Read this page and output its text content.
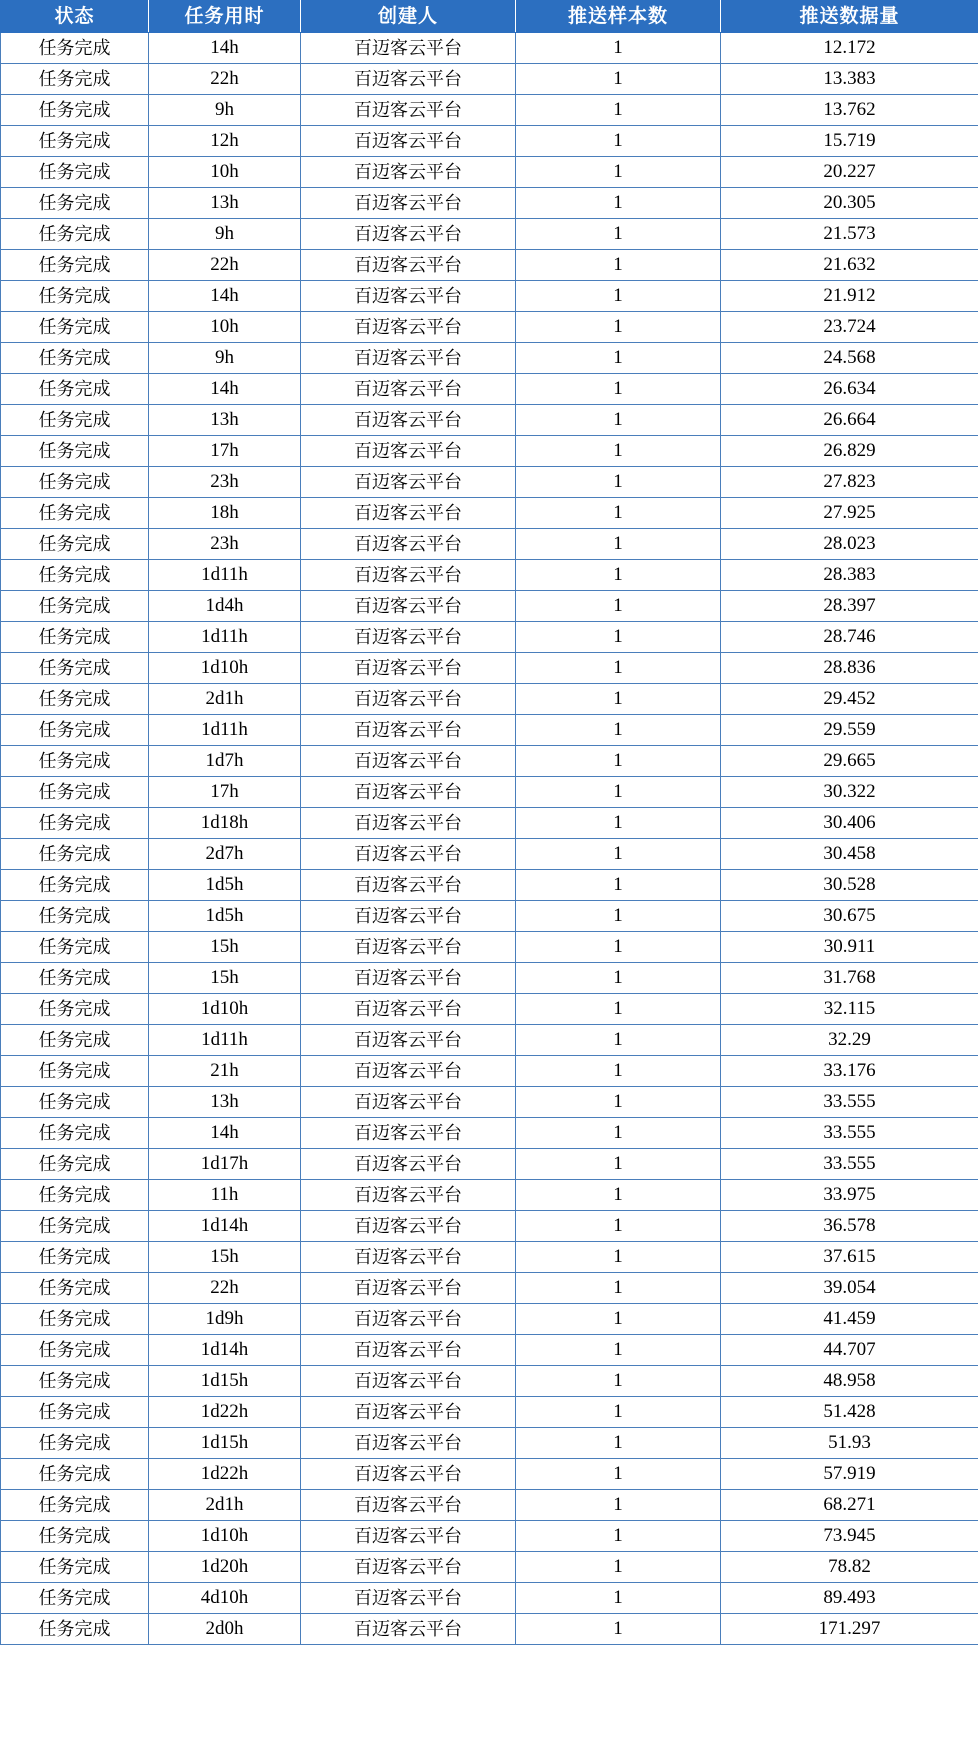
状态	任务用时	创建人	推送样本数	推送数据量
任务完成	14h	百迈客云平台	1	12.172
任务完成	22h	百迈客云平台	1	13.383
任务完成	9h	百迈客云平台	1	13.762
任务完成	12h	百迈客云平台	1	15.719
任务完成	10h	百迈客云平台	1	20.227
任务完成	13h	百迈客云平台	1	20.305
任务完成	9h	百迈客云平台	1	21.573
任务完成	22h	百迈客云平台	1	21.632
任务完成	14h	百迈客云平台	1	21.912
任务完成	10h	百迈客云平台	1	23.724
任务完成	9h	百迈客云平台	1	24.568
任务完成	14h	百迈客云平台	1	26.634
任务完成	13h	百迈客云平台	1	26.664
任务完成	17h	百迈客云平台	1	26.829
任务完成	23h	百迈客云平台	1	27.823
任务完成	18h	百迈客云平台	1	27.925
任务完成	23h	百迈客云平台	1	28.023
任务完成	1d11h	百迈客云平台	1	28.383
任务完成	1d4h	百迈客云平台	1	28.397
任务完成	1d11h	百迈客云平台	1	28.746
任务完成	1d10h	百迈客云平台	1	28.836
任务完成	2d1h	百迈客云平台	1	29.452
任务完成	1d11h	百迈客云平台	1	29.559
任务完成	1d7h	百迈客云平台	1	29.665
任务完成	17h	百迈客云平台	1	30.322
任务完成	1d18h	百迈客云平台	1	30.406
任务完成	2d7h	百迈客云平台	1	30.458
任务完成	1d5h	百迈客云平台	1	30.528
任务完成	1d5h	百迈客云平台	1	30.675
任务完成	15h	百迈客云平台	1	30.911
任务完成	15h	百迈客云平台	1	31.768
任务完成	1d10h	百迈客云平台	1	32.115
任务完成	1d11h	百迈客云平台	1	32.29
任务完成	21h	百迈客云平台	1	33.176
任务完成	13h	百迈客云平台	1	33.555
任务完成	14h	百迈客云平台	1	33.555
任务完成	1d17h	百迈客云平台	1	33.555
任务完成	11h	百迈客云平台	1	33.975
任务完成	1d14h	百迈客云平台	1	36.578
任务完成	15h	百迈客云平台	1	37.615
任务完成	22h	百迈客云平台	1	39.054
任务完成	1d9h	百迈客云平台	1	41.459
任务完成	1d14h	百迈客云平台	1	44.707
任务完成	1d15h	百迈客云平台	1	48.958
任务完成	1d22h	百迈客云平台	1	51.428
任务完成	1d15h	百迈客云平台	1	51.93
任务完成	1d22h	百迈客云平台	1	57.919
任务完成	2d1h	百迈客云平台	1	68.271
任务完成	1d10h	百迈客云平台	1	73.945
任务完成	1d20h	百迈客云平台	1	78.82
任务完成	4d10h	百迈客云平台	1	89.493
任务完成	2d0h	百迈客云平台	1	171.297
